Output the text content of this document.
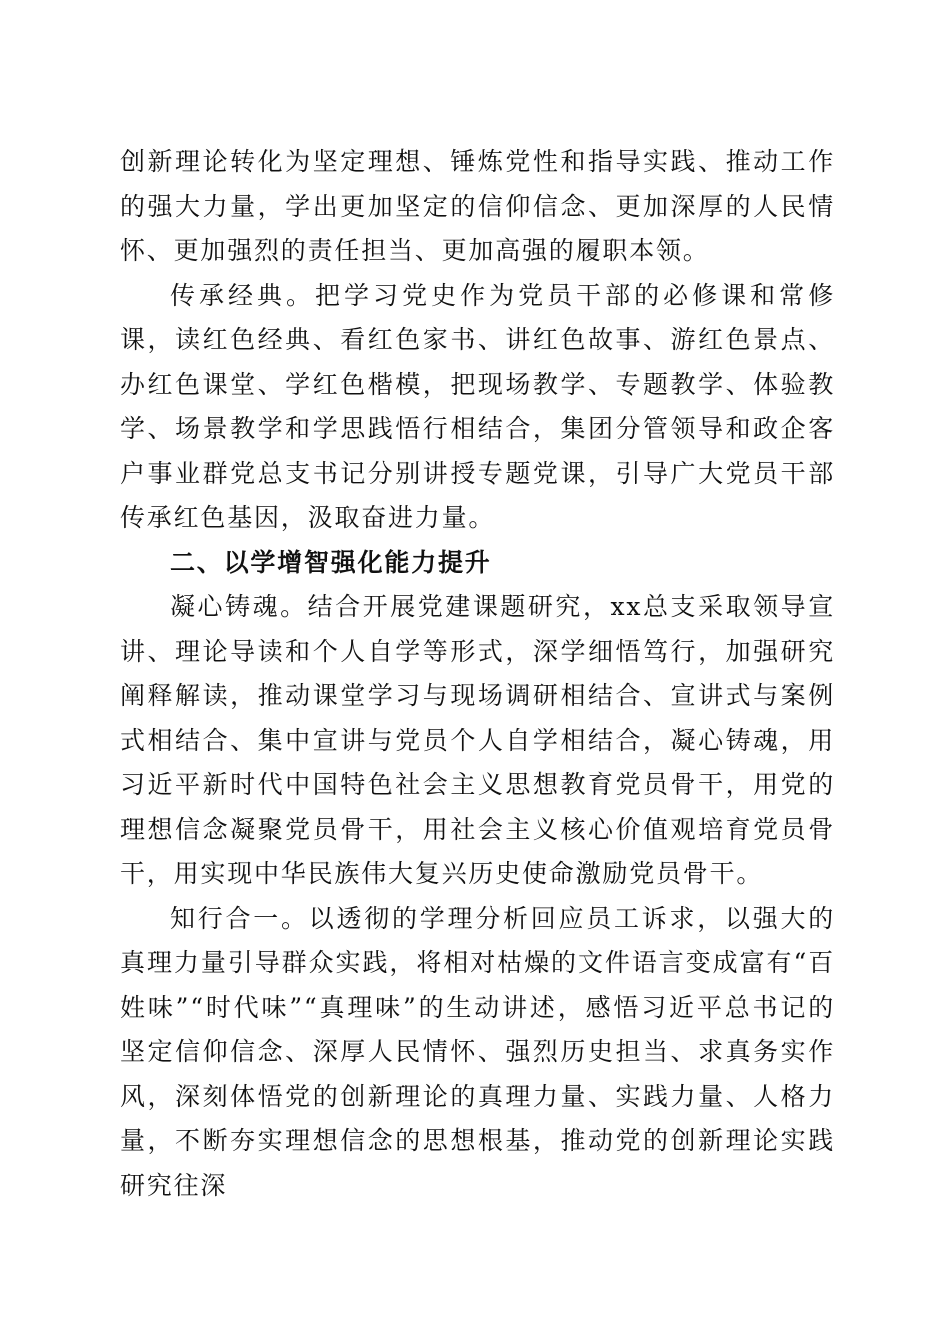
创新理论转化为坚定理想、锤炼党性和指导实践、推动工作的强大力量，学出更加坚定的信仰信念、更加深厚的人民情怀、更加强烈的责任担当、更加高强的履职本领。

传承经典。把学习党史作为党员干部的必修课和常修课，读红色经典、看红色家书、讲红色故事、游红色景点、办红色课堂、学红色楷模，把现场教学、专题教学、体验教学、场景教学和学思践悟行相结合，集团分管领导和政企客户事业群党总支书记分别讲授专题党课，引导广大党员干部传承红色基因，汲取奋进力量。

二、以学增智强化能力提升

凝心铸魂。结合开展党建课题研究，xx总支采取领导宣讲、理论导读和个人自学等形式，深学细悟笃行，加强研究阐释解读，推动课堂学习与现场调研相结合、宣讲式与案例式相结合、集中宣讲与党员个人自学相结合，凝心铸魂，用习近平新时代中国特色社会主义思想教育党员骨干，用党的理想信念凝聚党员骨干，用社会主义核心价值观培育党员骨干，用实现中华民族伟大复兴历史使命激励党员骨干。

知行合一。以透彻的学理分析回应员工诉求，以强大的真理力量引导群众实践，将相对枯燥的文件语言变成富有“百姓味”“时代味”“真理味”的生动讲述，感悟习近平总书记的坚定信仰信念、深厚人民情怀、强烈历史担当、求真务实作风，深刻体悟党的创新理论的真理力量、实践力量、人格力量，不断夯实理想信念的思想根基，推动党的创新理论实践研究往深
